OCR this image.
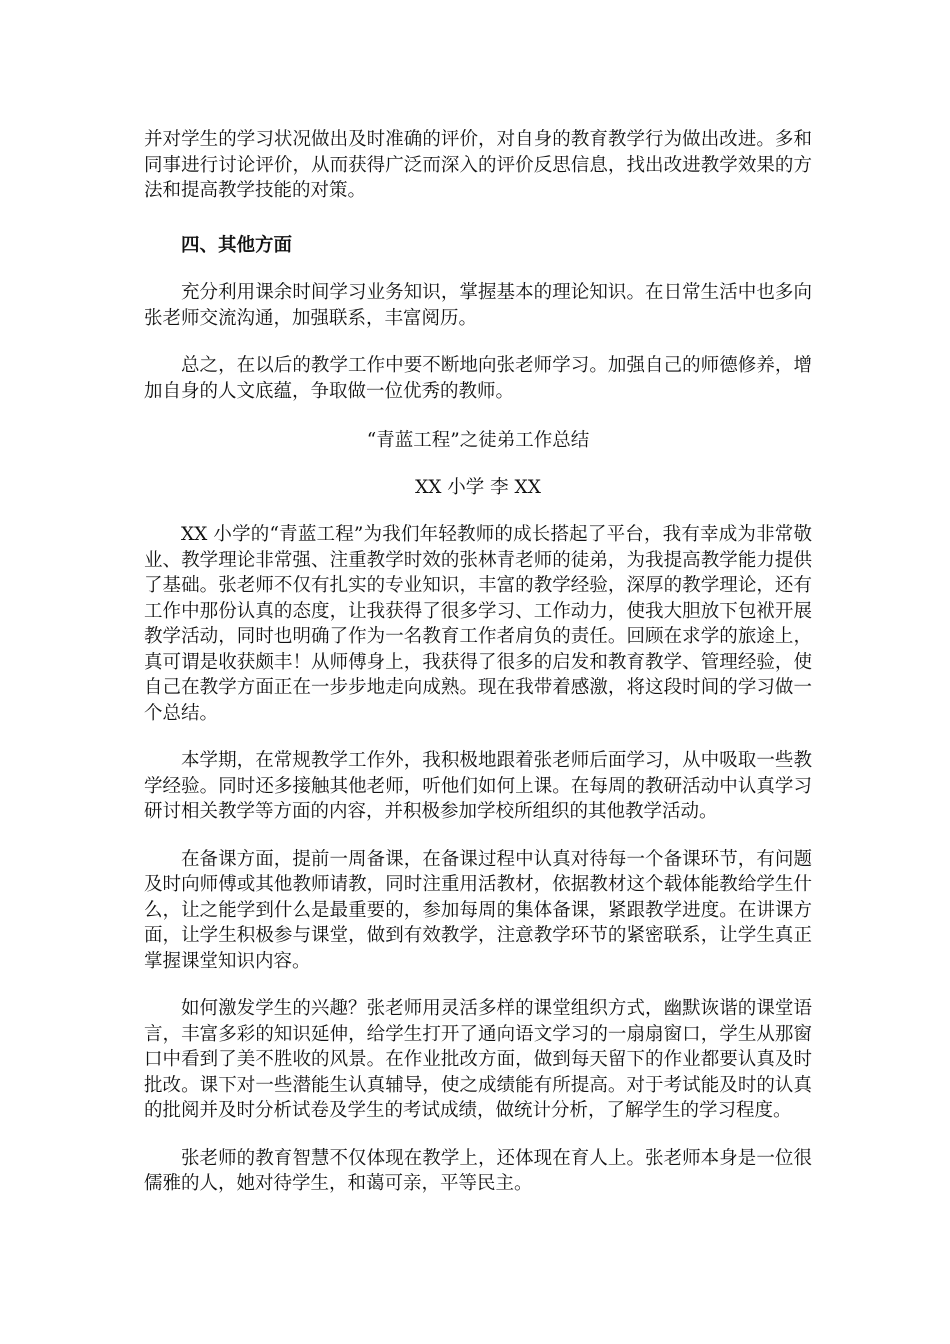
并对学生的学习状况做出及时准确的评价，对自身的教育教学行为做出改进。多和同事进行讨论评价，从而获得广泛而深入的评价反思信息，找出改进教学效果的方法和提高教学技能的对策。

四、其他方面

充分利用课余时间学习业务知识，掌握基本的理论知识。在日常生活中也多向张老师交流沟通，加强联系，丰富阅历。

总之，在以后的教学工作中要不断地向张老师学习。加强自己的师德修养，增加自身的人文底蕴，争取做一位优秀的教师。

“青蓝工程”之徒弟工作总结

XX 小学 李 XX

XX 小学的“青蓝工程”为我们年轻教师的成长搭起了平台，我有幸成为非常敬业、教学理论非常强、注重教学时效的张林青老师的徒弟，为我提高教学能力提供了基础。张老师不仅有扎实的专业知识，丰富的教学经验，深厚的教学理论，还有工作中那份认真的态度，让我获得了很多学习、工作动力，使我大胆放下包袱开展教学活动，同时也明确了作为一名教育工作者肩负的责任。回顾在求学的旅途上，真可谓是收获颇丰！从师傅身上，我获得了很多的启发和教育教学、管理经验，使自己在教学方面正在一步步地走向成熟。现在我带着感激，将这段时间的学习做一个总结。

本学期，在常规教学工作外，我积极地跟着张老师后面学习，从中吸取一些教学经验。同时还多接触其他老师，听他们如何上课。在每周的教研活动中认真学习研讨相关教学等方面的内容，并积极参加学校所组织的其他教学活动。

在备课方面，提前一周备课，在备课过程中认真对待每一个备课环节，有问题及时向师傅或其他教师请教，同时注重用活教材，依据教材这个载体能教给学生什么，让之能学到什么是最重要的，参加每周的集体备课，紧跟教学进度。在讲课方面，让学生积极参与课堂，做到有效教学，注意教学环节的紧密联系，让学生真正掌握课堂知识内容。

如何激发学生的兴趣？张老师用灵活多样的课堂组织方式，幽默诙谐的课堂语言，丰富多彩的知识延伸，给学生打开了通向语文学习的一扇扇窗口，学生从那窗口中看到了美不胜收的风景。在作业批改方面，做到每天留下的作业都要认真及时批改。课下对一些潜能生认真辅导，使之成绩能有所提高。对于考试能及时的认真的批阅并及时分析试卷及学生的考试成绩，做统计分析，了解学生的学习程度。

张老师的教育智慧不仅体现在教学上，还体现在育人上。张老师本身是一位很儒雅的人，她对待学生，和蔼可亲，平等民主。
